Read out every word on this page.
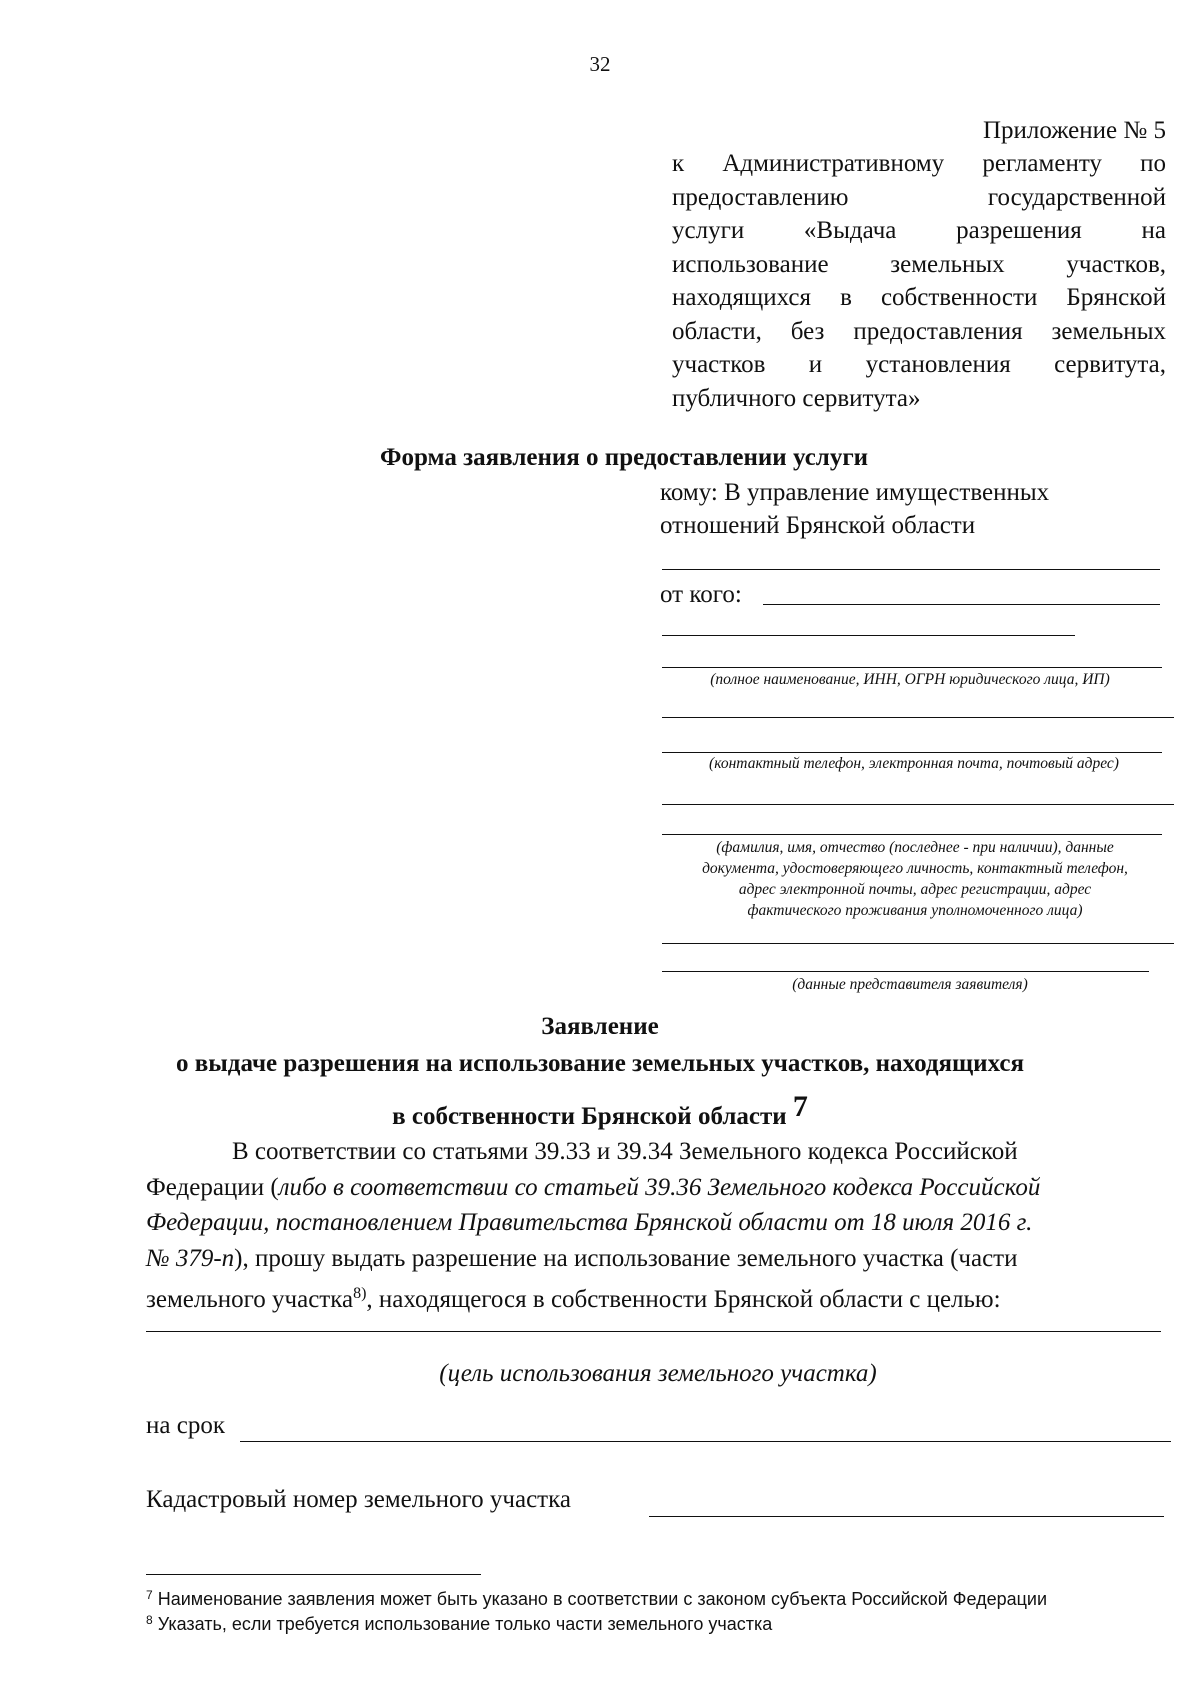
32
Приложение № 5
к Административному регламенту по
предоставлению государственной
услуги «Выдача разрешения на
использование земельных участков,
находящихся в собственности Брянской
области, без предоставления земельных
участков и установления сервитута,
публичного сервитута»
Форма заявления о предоставлении услуги
кому: В управление имущественных
отношений Брянской области
от кого:
(полное наименование, ИНН, ОГРН юридического лица, ИП)
(контактный телефон, электронная почта, почтовый адрес)
(фамилия, имя, отчество (последнее - при наличии), данные
документа, удостоверяющего личность, контактный телефон,
адрес электронной почты, адрес регистрации, адрес
фактического проживания уполномоченного лица)
(данные представителя заявителя)
Заявление
о выдаче разрешения на использование земельных участков, находящихся
в собственности Брянской области 7
В соответствии со статьями 39.33 и 39.34 Земельного кодекса Российской
Федерации (либо в соответствии со статьей 39.36 Земельного кодекса Российской
Федерации, постановлением Правительства Брянской области от 18 июля 2016 г.
№ 379-п), прошу выдать разрешение на использование земельного участка (части
земельного участка$^{8)}$, находящегося в собственности Брянской области с целью:
(цель использования земельного участка)
на срок
Кадастровый номер земельного участка
$^7$ Наименование заявления может быть указано в соответствии с законом субъекта Российской Федерации
$^8$ Указать, если требуется использование только части земельного участка
